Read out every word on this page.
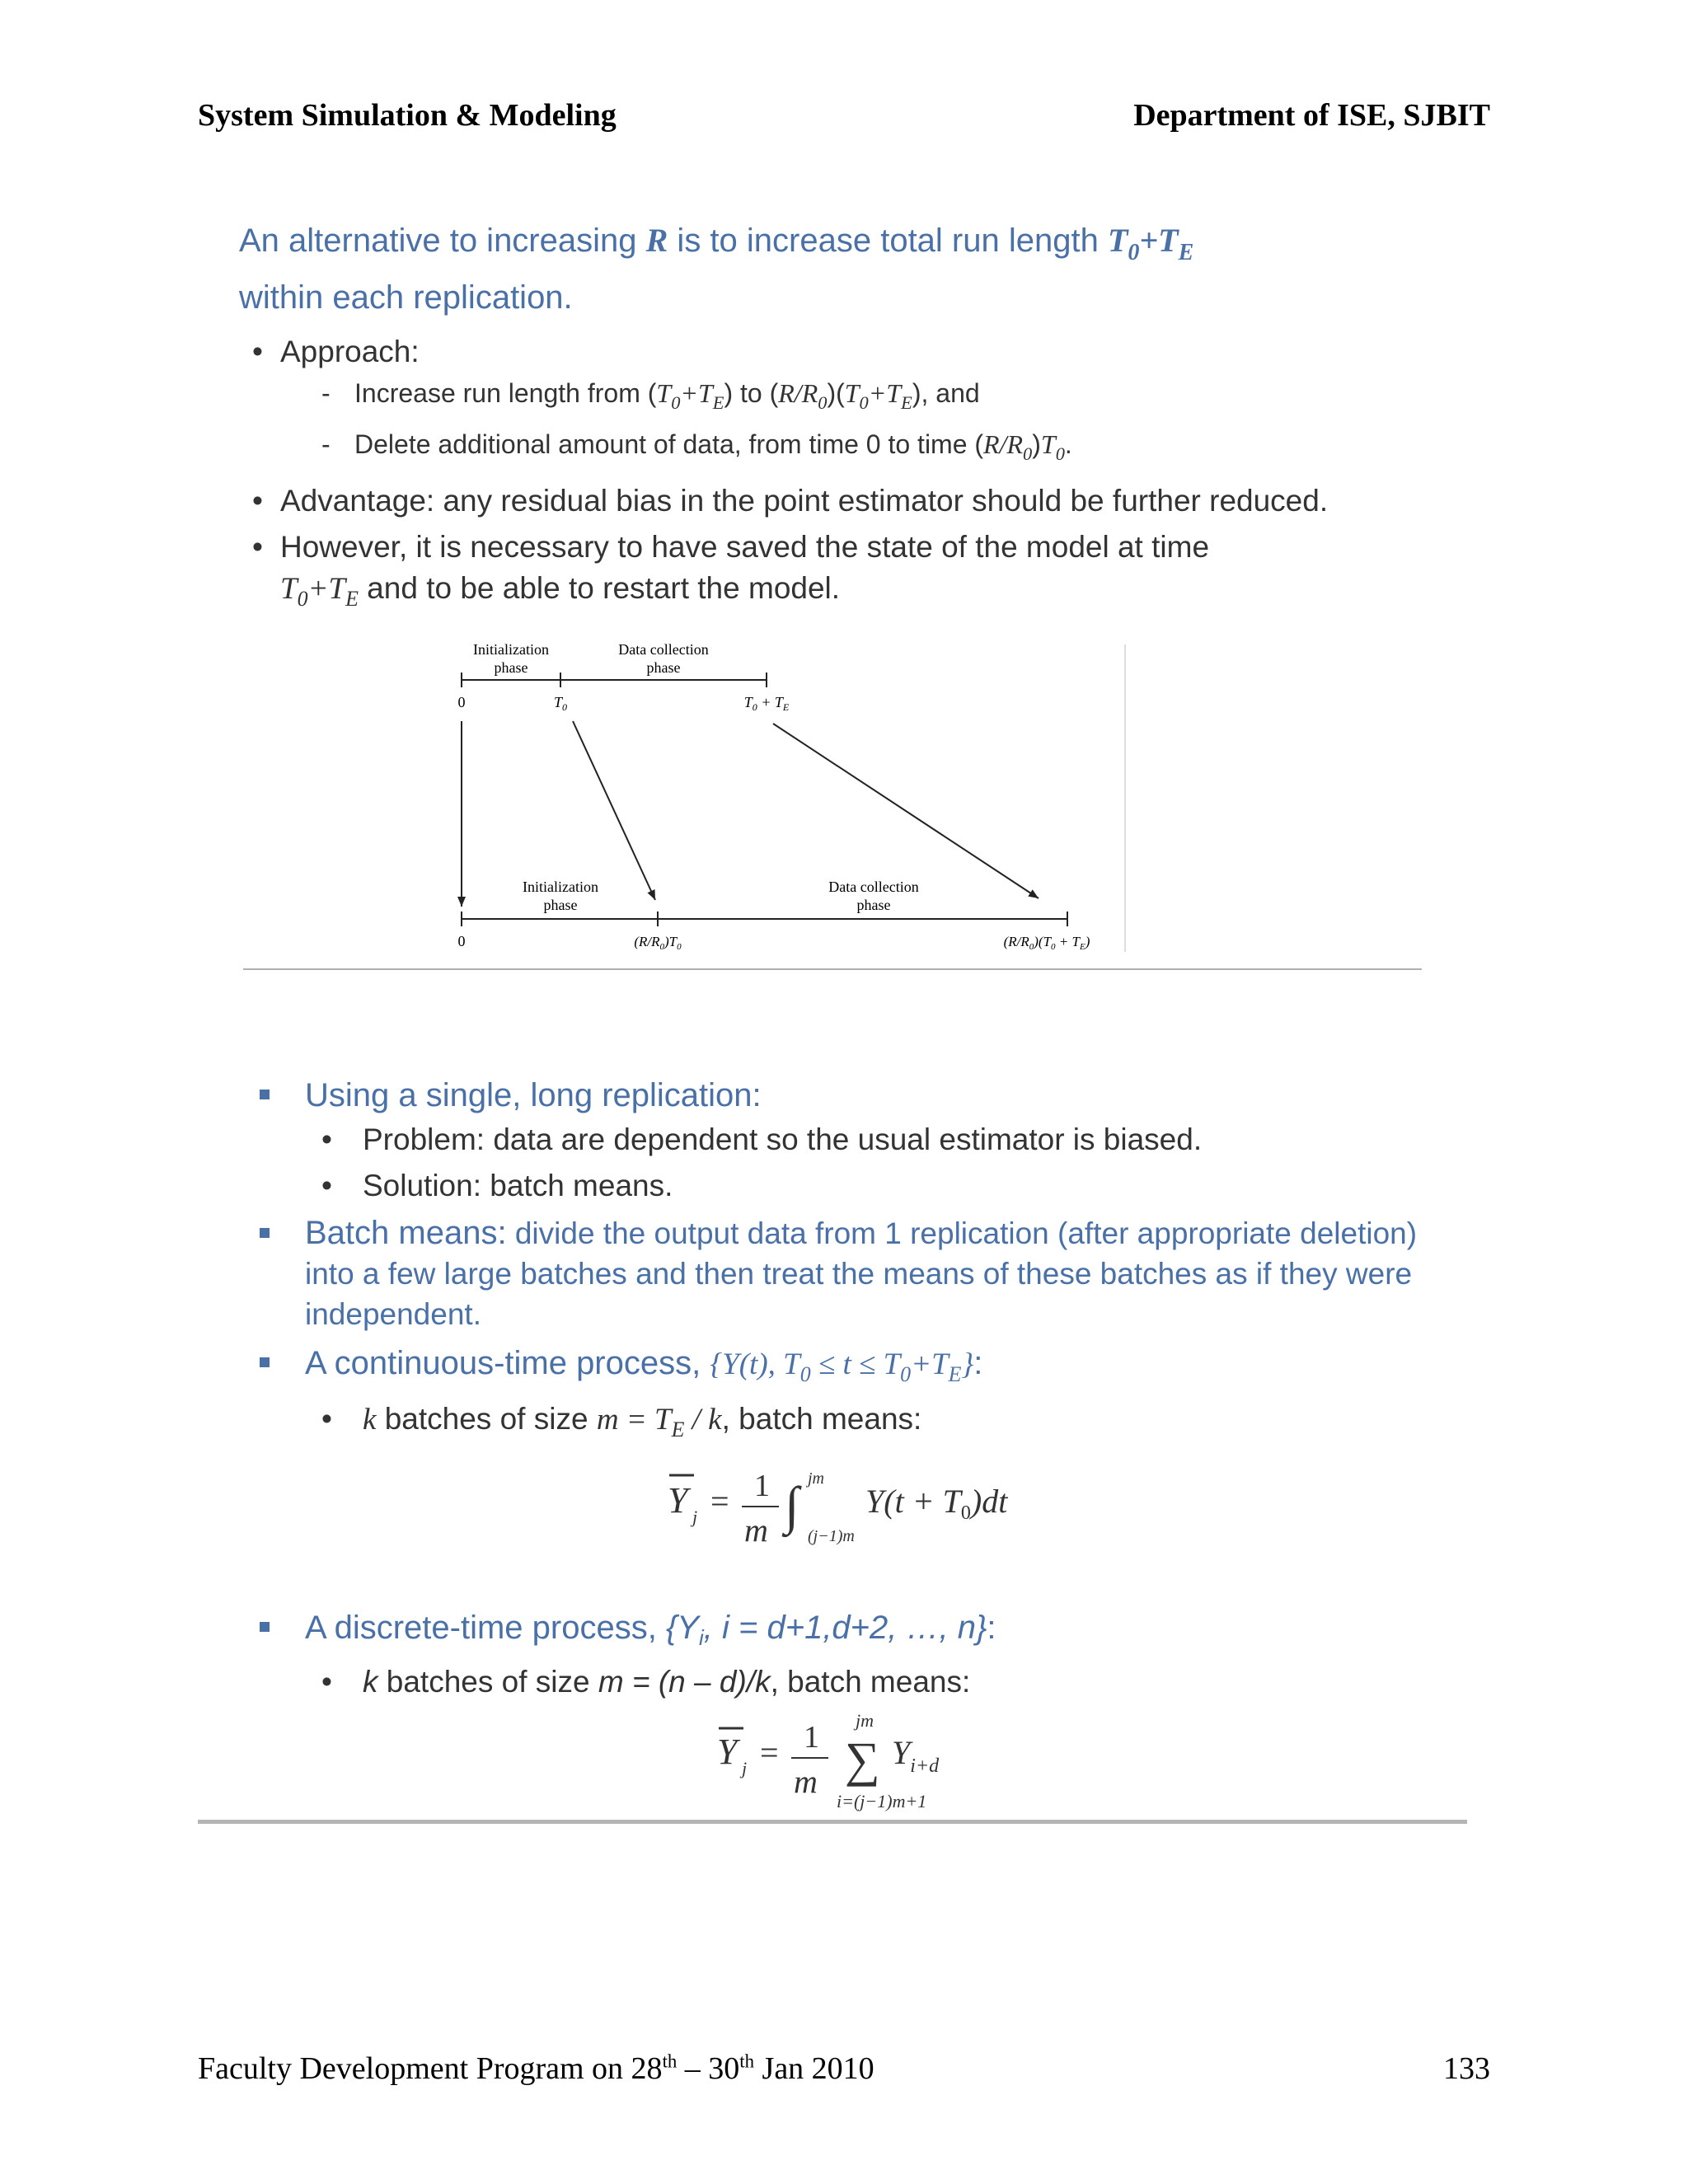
System Simulation & Modeling	Department of ISE, SJBIT
An alternative to increasing R is to increase total run length $T_0+T_E$
within each replication.
• Approach:
- Increase run length from $(T_0+T_E)$ to $(R/R_0)(T_0+T_E)$, and
- Delete additional amount of data, from time 0 to time $(R/R_0)T_0$.
• Advantage: any residual bias in the point estimator should be further reduced.
• However, it is necessary to have saved the state of the model at time
$T_0+T_E$ and to be able to restart the model.
Initialization
phase
Data collection
phase
0	$T_0$	$T_0 + T_E$
Initialization
phase
Data collection
phase
0	$(R/R_0)T_0$	$(R/R_0)(T_0 + T_E)$
Using a single, long replication:
• Problem: data are dependent so the usual estimator is biased.
• Solution: batch means.
Batch means: divide the output data from 1 replication (after appropriate deletion) into a few large batches and then treat the means of these batches as if they were independent.
A continuous-time process, {Y(t), $T_0 \le t \le T_0+T_E$}:
• k batches of size $m = T_E / k$, batch means:
Y j = 1
m ∫ jm
(j−1)m
$Y(t + T_0)dt$
A discrete-time process, {Yi, i = d+1,d+2, …, n}:
• k batches of size m = (n – d)/k, batch means:
Y j = 1
m
jm
∑
i=(j−1)m+1
$Y_{i+d}$
Faculty Development Program on 28th – 30th Jan 2010	133
